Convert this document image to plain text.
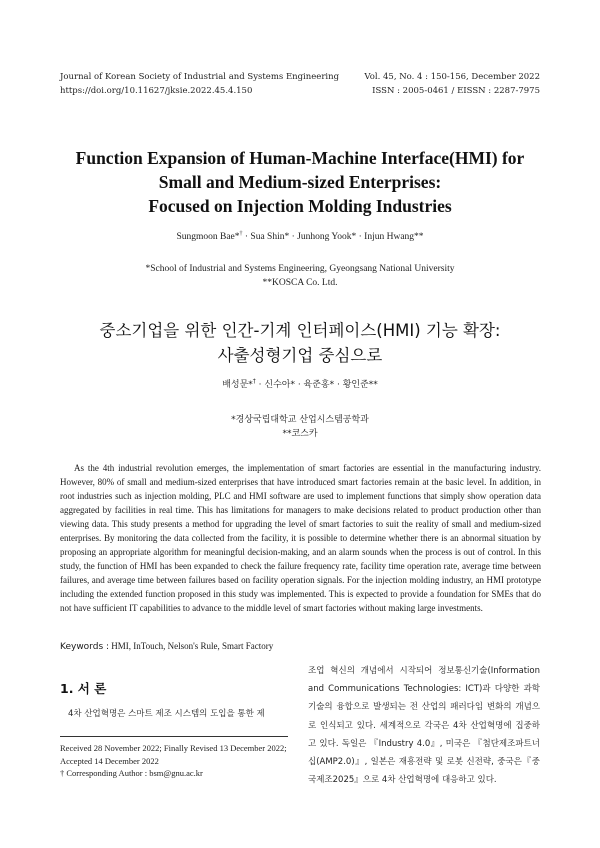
Journal of Korean Society of Industrial and Systems Engineering
https://doi.org/10.11627/jksie.2022.45.4.150
Vol. 45, No. 4 : 150-156, December 2022
ISSN : 2005-0461 / EISSN : 2287-7975
Function Expansion of Human-Machine Interface(HMI) for
Small and Medium-sized Enterprises:
Focused on Injection Molding Industries
Sungmoon Bae*† · Sua Shin* · Junhong Yook* · Injun Hwang**
*School of Industrial and Systems Engineering, Gyeongsang National University
**KOSCA Co. Ltd.
중소기업을 위한 인간-기계 인터페이스(HMI) 기능 확장:
사출성형기업 중심으로
배성문*† · 신수아* · 육준홍* · 황인준**
*경상국립대학교 산업시스템공학과
**코스카

As the 4th industrial revolution emerges, the implementation of smart factories are essential in the manufacturing industry. However, 80% of small and medium-sized enterprises that have introduced smart factories remain at the basic level. In addition, in root industries such as injection molding, PLC and HMI software are used to implement functions that simply show operation data aggregated by facilities in real time. This has limitations for managers to make decisions related to product production other than viewing data. This study presents a method for upgrading the level of smart factories to suit the reality of small and medium-sized enterprises. By monitoring the data collected from the facility, it is possible to determine whether there is an abnormal situation by proposing an appropriate algorithm for meaningful decision-making, and an alarm sounds when the process is out of control. In this study, the function of HMI has been expanded to check the failure frequency rate, facility time operation rate, average time between failures, and average time between failures based on facility operation signals. For the injection molding industry, an HMI prototype including the extended function proposed in this study was implemented. This is expected to provide a foundation for SMEs that do not have sufficient IT capabilities to advance to the middle level of smart factories without making large investments.

Keywords : HMI, InTouch, Nelson's Rule, Smart Factory
1. 서 론

4차 산업혁명은 스마트 제조 시스템의 도입을 통한 제

Received 28 November 2022; Finally Revised 13 December 2022; Accepted 14 December 2022
† Corresponding Author : bsm@gnu.ac.kr

조업 혁신의 개념에서 시작되어 정보통신기술(Information and Communications Technologies: ICT)과 다양한 과학기술의 융합으로 발생되는 전 산업의 패러다임 변화의 개념으로 인식되고 있다. 세계적으로 각국은 4차 산업혁명에 집중하고 있다. 독일은 『Industry 4.0』, 미국은 『첨단제조파트너십(AMP2.0)』, 일본은 재흥전략 및 로봇 신전략, 중국은『중국제조2025』으로 4차 산업혁명에 대응하고 있다.
